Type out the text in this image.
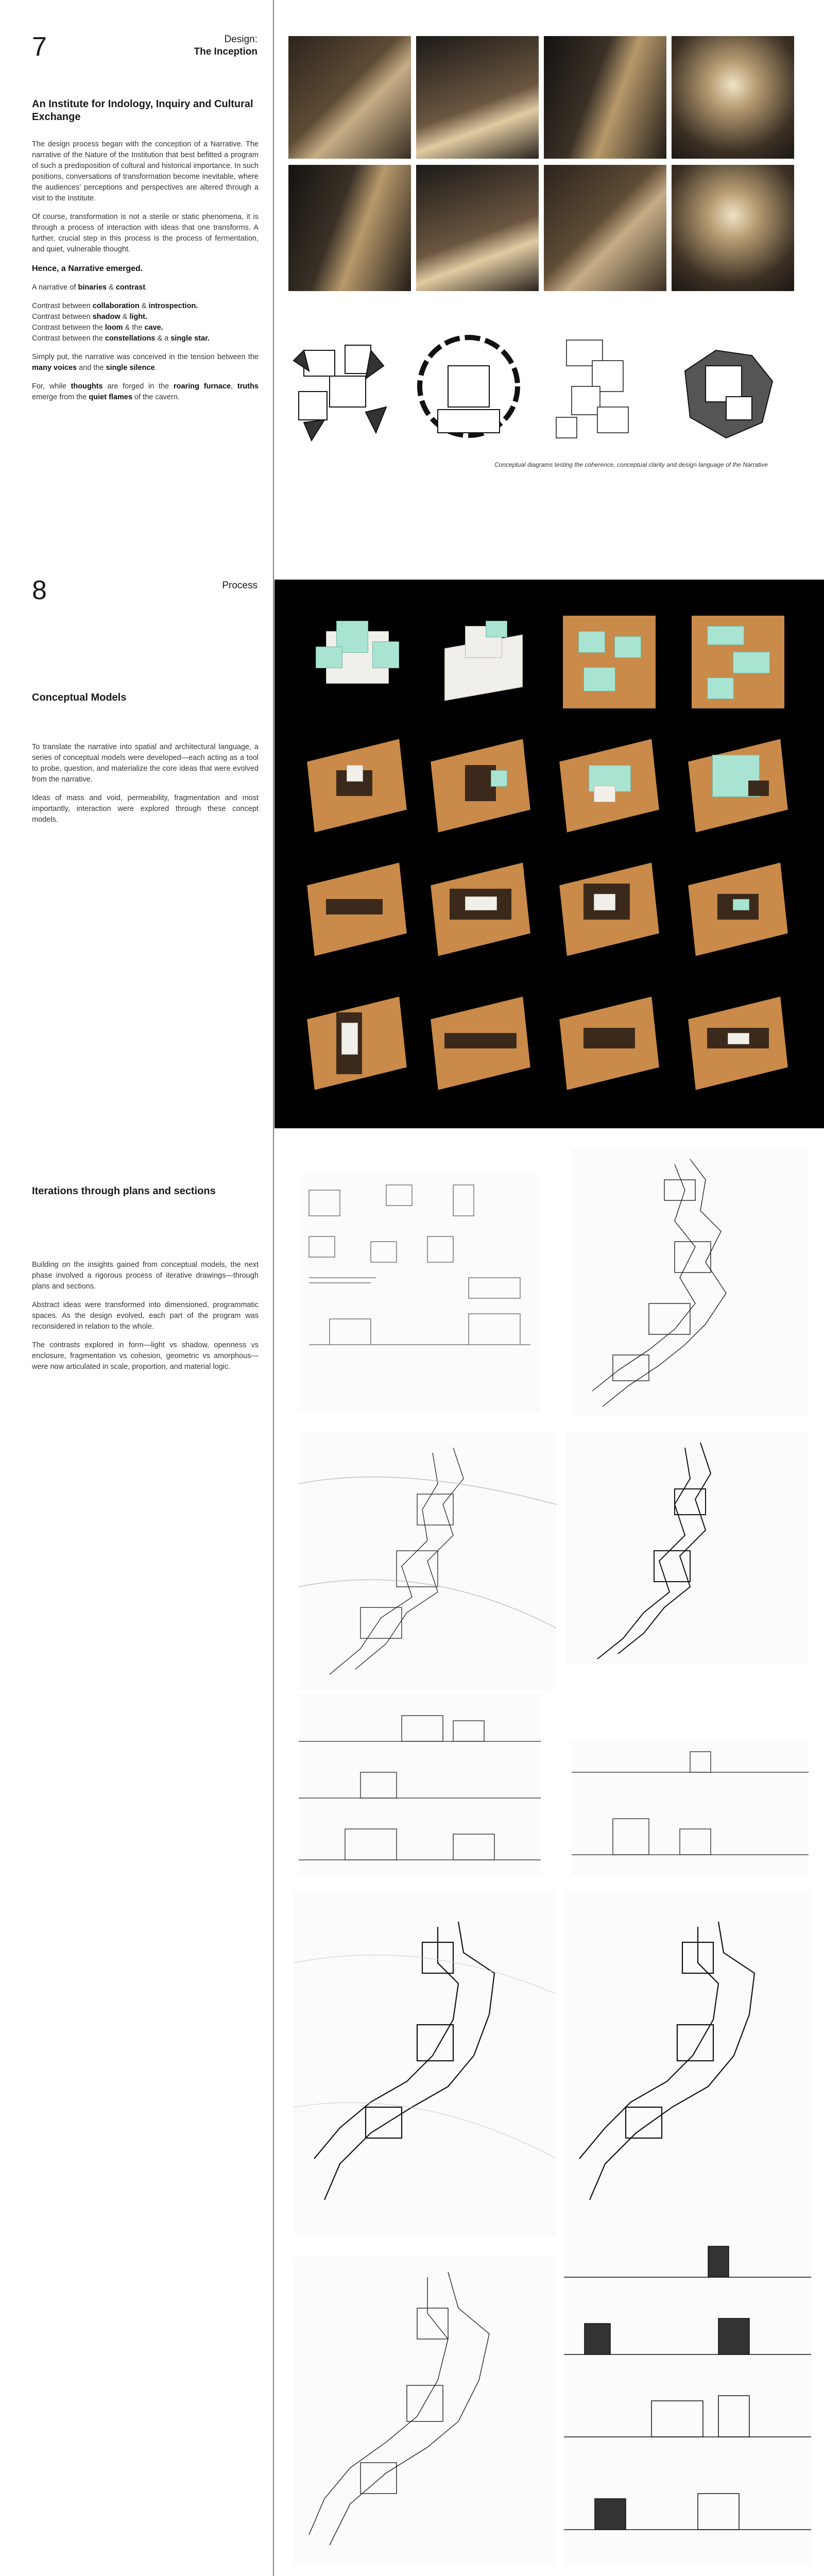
7	Design:
The Inception
An Institute for Indology, Inquiry and Cultural Exchange

The design process began with the conception of a Narrative. The narrative of the Nature of the Institution that best befitted a program of such a predisposition of cultural and historical importance. In such positions, conversations of transformation become inevitable, where the audiences' perceptions and perspectives are altered through a visit to the Institute.

Of course, transformation is not a sterile or static phenomena, it is through a process of interaction with ideas that one transforms. A further, crucial step in this process is the process of fermentation, and quiet, vulnerable thought.

Hence, a Narrative emerged.

A narrative of binaries & contrast.

Contrast between collaboration & introspection.
Contrast between shadow & light.
Contrast between the loom & the cave.
Contrast between the constellations & a single star.

Simply put, the narrative was conceived in the tension between the many voices and the single silence.

For, while thoughts are forged in the roaring furnace, truths emerge from the quiet flames of the cavern.

Conceptual diagrams testing the coherence, conceptual clarity and design language of the Narrative
8	Process
Conceptual Models

To translate the narrative into spatial and architectural language, a series of conceptual models were developed—each acting as a tool to probe, question, and materialize the core ideas that were evolved from the narrative.

Ideas of mass and void, permeability, fragmentation and most importantly, interaction were explored through these concept models.

Iterations through plans and sections

Building on the insights gained from conceptual models, the next phase involved a rigorous process of iterative drawings—through plans and sections.

Abstract ideas were transformed into dimensioned, programmatic spaces. As the design evolved, each part of the program was reconsidered in relation to the whole.

The contrasts explored in form—light vs shadow, openness vs enclosure, fragmentation vs cohesion, geometric vs amorphous—were now articulated in scale, proportion, and material logic.
